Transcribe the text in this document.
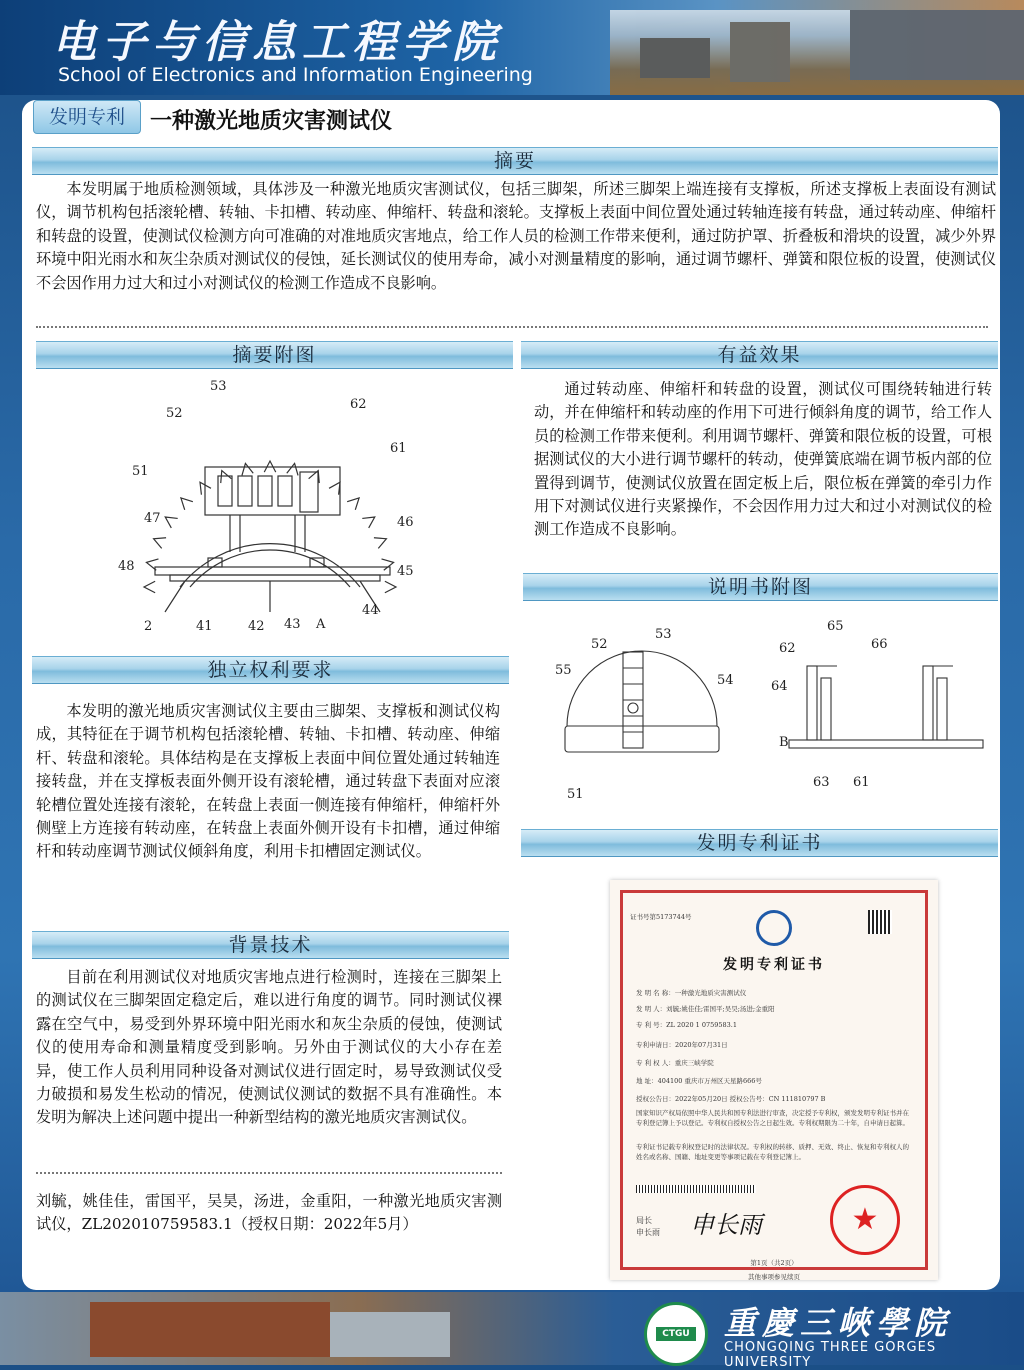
电子与信息工程学院
School of Electronics and Information Engineering
发明专利	一种激光地质灾害测试仪
摘要

本发明属于地质检测领域，具体涉及一种激光地质灾害测试仪，包括三脚架，所述三脚架上端连接有支撑板，所述支撑板上表面设有测试仪，调节机构包括滚轮槽、转轴、卡扣槽、转动座、伸缩杆、转盘和滚轮。支撑板上表面中间位置处通过转轴连接有转盘，通过转动座、伸缩杆和转盘的设置，使测试仪检测方向可准确的对准地质灾害地点，给工作人员的检测工作带来便利，通过防护罩、折叠板和滑块的设置，减少外界环境中阳光雨水和灰尘杂质对测试仪的侵蚀，延长测试仪的使用寿命，减小对测量精度的影响，通过调节螺杆、弹簧和限位板的设置，使测试仪不会因作用力过大和过小对测试仪的检测工作造成不良影响。

摘要附图
53
52
62
61
51
47	46
48	45
44
2	41	42 43 A
有益效果

通过转动座、伸缩杆和转盘的设置，测试仪可围绕转轴进行转动，并在伸缩杆和转动座的作用下可进行倾斜角度的调节，给工作人员的检测工作带来便利。利用调节螺杆、弹簧和限位板的设置，可根据测试仪的大小进行调节螺杆的转动，使弹簧底端在调节板内部的位置得到调节，使测试仪放置在固定板上后，限位板在弹簧的牵引力作用下对测试仪进行夹紧操作，不会因作用力过大和过小对测试仪的检测工作造成不良影响。

说明书附图
53
52
55
54
51
65
62	66
64
B
63 61
独立权利要求

本发明的激光地质灾害测试仪主要由三脚架、支撑板和测试仪构成，其特征在于调节机构包括滚轮槽、转轴、卡扣槽、转动座、伸缩杆、转盘和滚轮。具体结构是在支撑板上表面中间位置处通过转轴连接转盘，并在支撑板表面外侧开设有滚轮槽，通过转盘下表面对应滚轮槽位置处连接有滚轮，在转盘上表面一侧连接有伸缩杆，伸缩杆外侧壁上方连接有转动座，在转盘上表面外侧开设有卡扣槽，通过伸缩杆和转动座调节测试仪倾斜角度，利用卡扣槽固定测试仪。	发明专利证书
证书号第5173744号
发明专利证书
发 明 名 称：一种激光地质灾害测试仪
发 明 人：刘毓;姚佳佳;雷国平;吴昊;汤进;金重阳
专 利 号：ZL 2020 1 0759583.1
专利申请日：2020年07月31日
专 利 权 人：重庆三峡学院
地 址：404100 重庆市万州区天星路666号
授权公告日：2022年05月20日 授权公告号：CN 111810797 B
国家知识产权局依照中华人民共和国专利法进行审查，决定授予专利权，颁发发明专利证书并在专利登记簿上予以登记。专利权自授权公告之日起生效。专利权期限为二十年，自申请日起算。
专利证书记载专利权登记时的法律状况。专利权的转移、质押、无效、终止、恢复和专利权人的姓名或名称、国籍、地址变更等事项记载在专利登记簿上。
局长
申长雨 申长雨	★
第1页（共2页）
其他事项参见续页
背景技术

目前在利用测试仪对地质灾害地点进行检测时，连接在三脚架上的测试仪在三脚架固定稳定后，难以进行角度的调节。同时测试仪裸露在空气中，易受到外界环境中阳光雨水和灰尘杂质的侵蚀，使测试仪的使用寿命和测量精度受到影响。另外由于测试仪的大小存在差异，使工作人员利用同种设备对测试仪进行固定时，易导致测试仪受力破损和易发生松动的情况，使测试仪测试的数据不具有准确性。本发明为解决上述问题中提出一种新型结构的激光地质灾害测试仪。

刘毓，姚佳佳，雷国平，吴昊，汤进，金重阳，一种激光地质灾害测试仪，ZL202010759583.1（授权日期：2022年5月）

CTGU 重慶三峽學院
CHONGQING THREE GORGES UNIVERSITY
